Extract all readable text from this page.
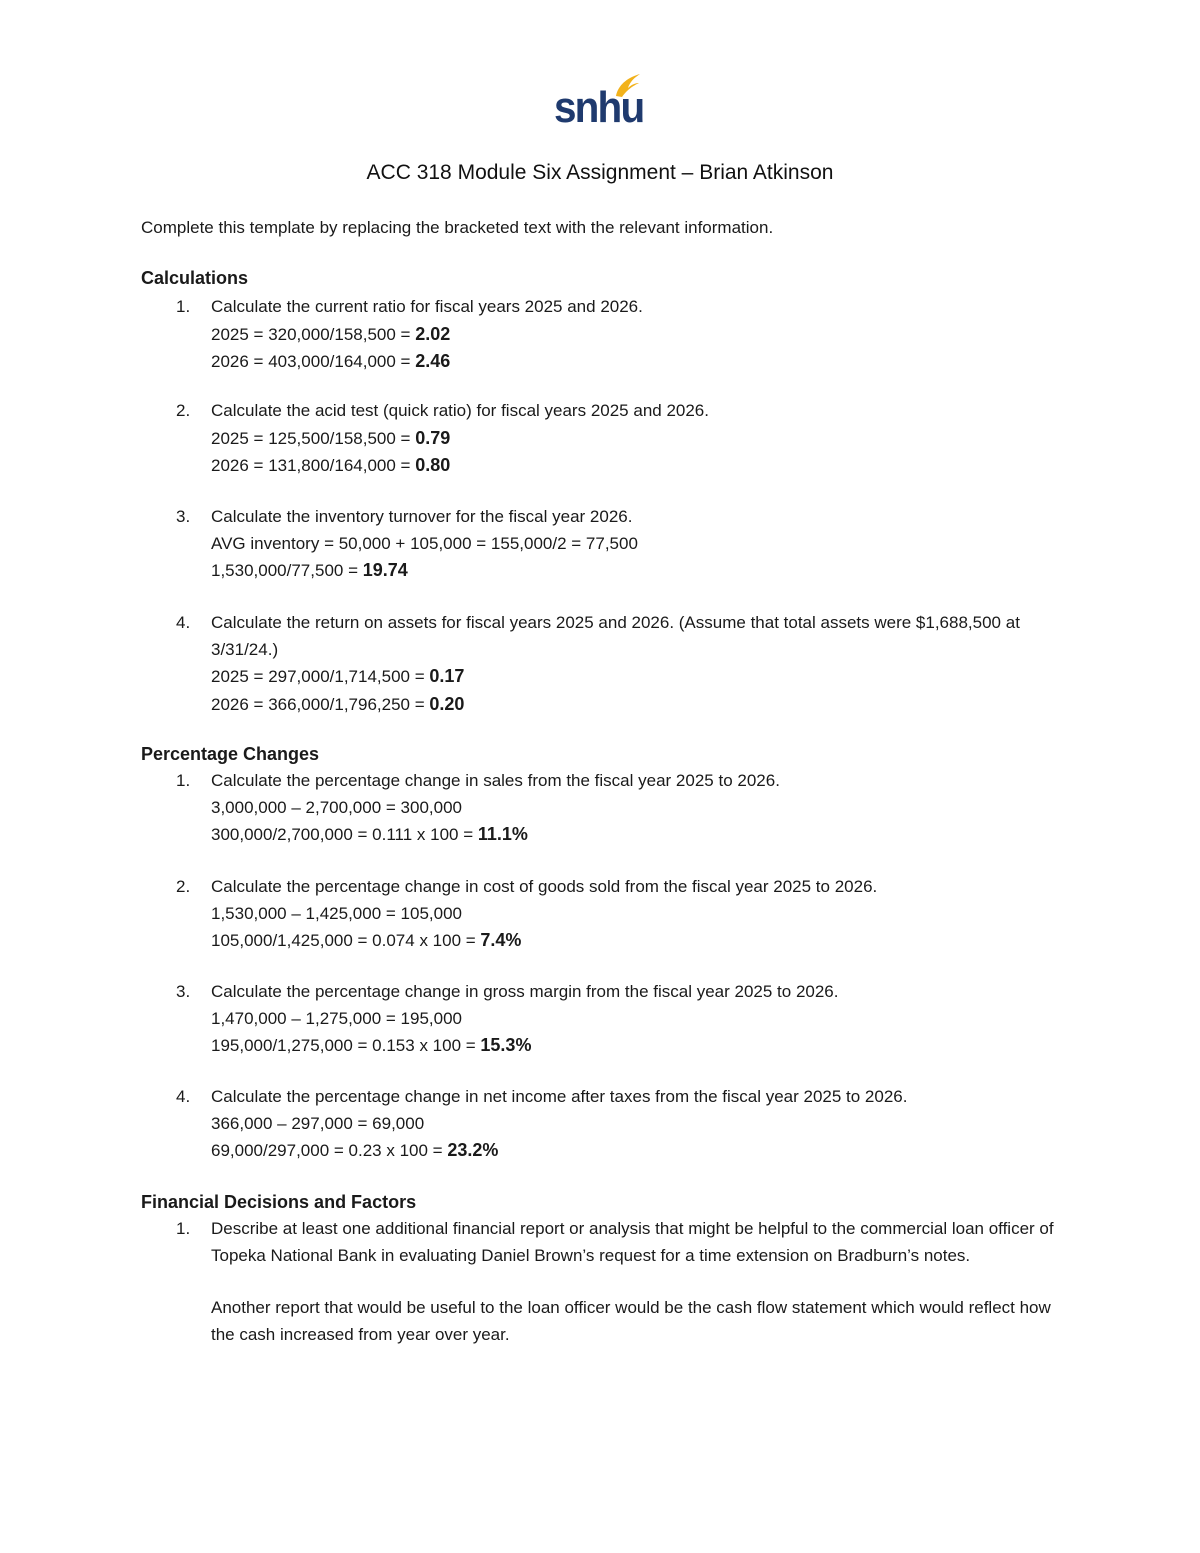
snhu
ACC 318 Module Six Assignment – Brian Atkinson
Complete this template by replacing the bracketed text with the relevant information.
Calculations
1. Calculate the current ratio for fiscal years 2025 and 2026.
2025 = 320,000/158,500 = 2.02
2026 = 403,000/164,000 = 2.46
2. Calculate the acid test (quick ratio) for fiscal years 2025 and 2026.
2025 = 125,500/158,500 = 0.79
2026 = 131,800/164,000 = 0.80
3. Calculate the inventory turnover for the fiscal year 2026.
AVG inventory = 50,000 + 105,000 = 155,000/2 = 77,500
1,530,000/77,500 = 19.74
4. Calculate the return on assets for fiscal years 2025 and 2026. (Assume that total assets were $1,688,500 at 3/31/24.)
2025 = 297,000/1,714,500 = 0.17
2026 = 366,000/1,796,250 = 0.20
Percentage Changes
1. Calculate the percentage change in sales from the fiscal year 2025 to 2026.
3,000,000 – 2,700,000 = 300,000
300,000/2,700,000 = 0.111 x 100 = 11.1%
2. Calculate the percentage change in cost of goods sold from the fiscal year 2025 to 2026.
1,530,000 – 1,425,000 = 105,000
105,000/1,425,000 = 0.074 x 100 = 7.4%
3. Calculate the percentage change in gross margin from the fiscal year 2025 to 2026.
1,470,000 – 1,275,000 = 195,000
195,000/1,275,000 = 0.153 x 100 = 15.3%
4. Calculate the percentage change in net income after taxes from the fiscal year 2025 to 2026.
366,000 – 297,000 = 69,000
69,000/297,000 = 0.23 x 100 = 23.2%
Financial Decisions and Factors
1. Describe at least one additional financial report or analysis that might be helpful to the commercial loan officer of Topeka National Bank in evaluating Daniel Brown’s request for a time extension on Bradburn’s notes.
Another report that would be useful to the loan officer would be the cash flow statement which would reflect how the cash increased from year over year.
